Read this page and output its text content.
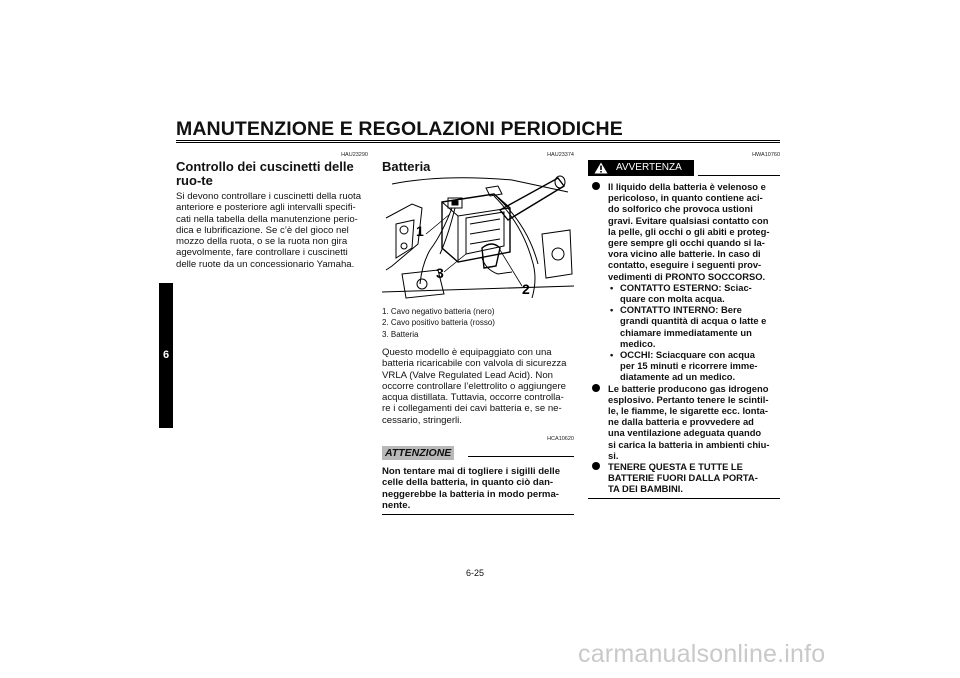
MANUTENZIONE E REGOLAZIONI PERIODICHE
6
HAU23290
Controllo dei cuscinetti delle ruo-te
Si devono controllare i cuscinetti della ruota
anteriore e posteriore agli intervalli specifi-
cati nella tabella della manutenzione perio-
dica e lubrificazione. Se c’è del gioco nel
mozzo della ruota, o se la ruota non gira
agevolmente, fare controllare i cuscinetti
delle ruote da un concessionario Yamaha.
HAU23374
Batteria
1
3
2
1. Cavo negativo batteria (nero)
2. Cavo positivo batteria (rosso)
3. Batteria
Questo modello è equipaggiato con una
batteria ricaricabile con valvola di sicurezza
VRLA (Valve Regulated Lead Acid). Non
occorre controllare l’elettrolito o aggiungere
acqua distillata. Tuttavia, occorre controlla-
re i collegamenti dei cavi batteria e, se ne-
cessario, stringerli.
HCA10620
ATTENZIONE
Non tentare mai di togliere i sigilli delle
celle della batteria, in quanto ciò dan-
neggerebbe la batteria in modo perma-
nente.
HWA10760
AVVERTENZA
Il liquido della batteria è velenoso e
pericoloso, in quanto contiene aci-
do solforico che provoca ustioni
gravi. Evitare qualsiasi contatto con
la pelle, gli occhi o gli abiti e proteg-
gere sempre gli occhi quando si la-
vora vicino alle batterie. In caso di
contatto, eseguire i seguenti prov-
vedimenti di PRONTO SOCCORSO.
• CONTATTO ESTERNO: Sciac-
quare con molta acqua.
• CONTATTO INTERNO: Bere
grandi quantità di acqua o latte e
chiamare immediatamente un
medico.
• OCCHI: Sciacquare con acqua
per 15 minuti e ricorrere imme-
diatamente ad un medico.
Le batterie producono gas idrogeno
esplosivo. Pertanto tenere le scintil-
le, le fiamme, le sigarette ecc. lonta-
ne dalla batteria e provvedere ad
una ventilazione adeguata quando
si carica la batteria in ambienti chiu-
si.
TENERE QUESTA E TUTTE LE
BATTERIE FUORI DALLA PORTA-
TA DEI BAMBINI.
6-25
carmanualsonline.info
